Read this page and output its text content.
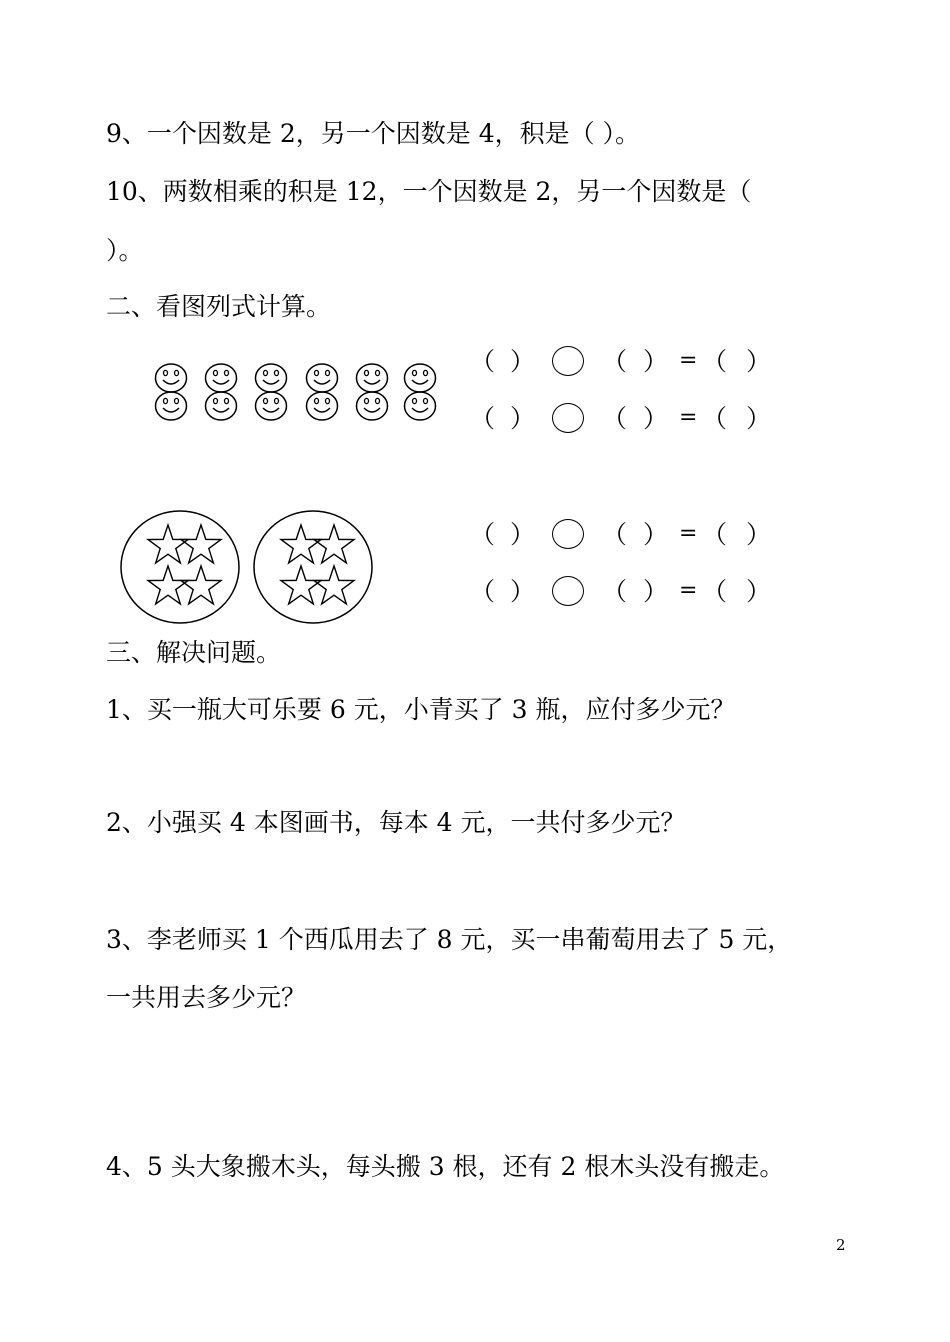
9、一个因数是 2，另一个因数是 4，积是（ ）。
10、两数相乘的积是 12，一个因数是 2，另一个因数是（
）。
二、看图列式计算。
（ ）	（ ） = （ ）
（ ）	（ ） = （ ）
（ ）	（ ） = （ ）
（ ）	（ ） = （ ）
三、解决问题。
1、买一瓶大可乐要 6 元，小青买了 3 瓶，应付多少元？
2、小强买 4 本图画书，每本 4 元，一共付多少元？
3、李老师买 1 个西瓜用去了 8 元，买一串葡萄用去了 5 元，
一共用去多少元？
4、5 头大象搬木头，每头搬 3 根，还有 2 根木头没有搬走。
2
